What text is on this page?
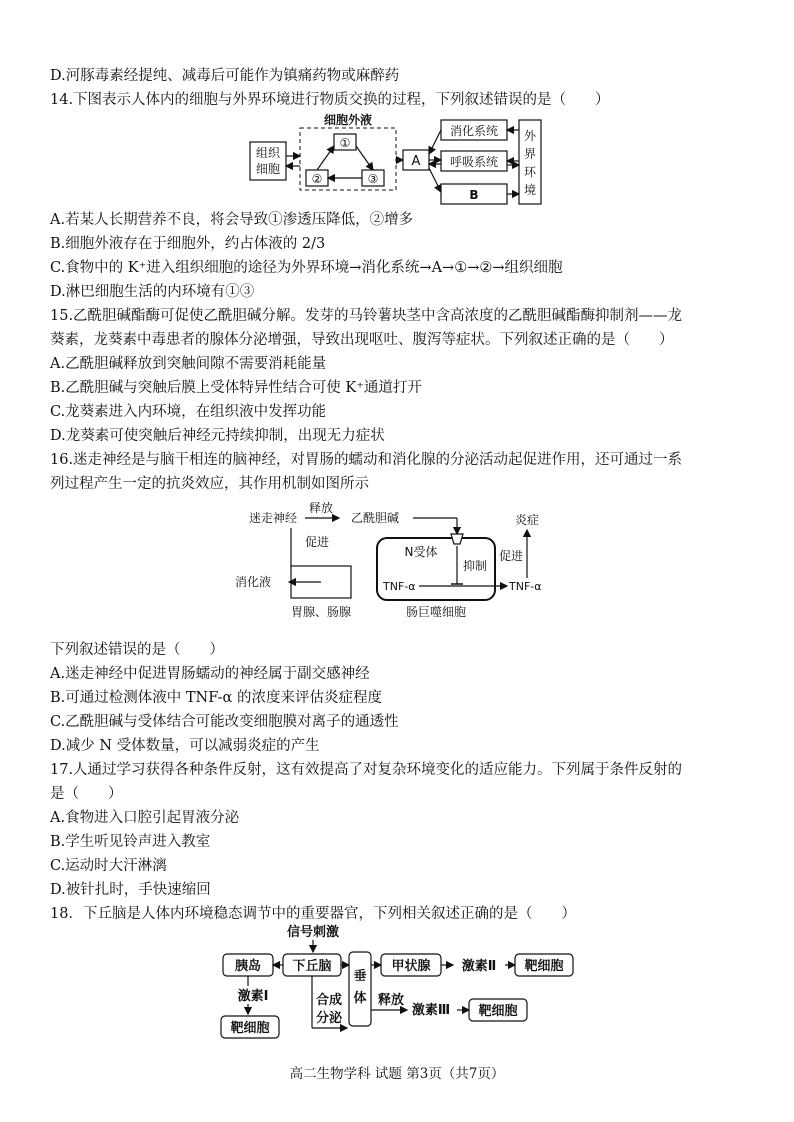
D.河豚毒素经提纯、减毒后可能作为镇痛药物或麻醉药
14.下图表示人体内的细胞与外界环境进行物质交换的过程，下列叙述错误的是（　　）
组织
细胞
细胞外液
①
②	③
A
消化系统
呼吸系统
B
外
界
环
境
A.若某人长期营养不良，将会导致①渗透压降低，②增多
B.细胞外液存在于细胞外，约占体液的 2/3
C.食物中的 K⁺进入组织细胞的途径为外界环境→消化系统→A→①→②→组织细胞
D.淋巴细胞生活的内环境有①③
15.乙酰胆碱酯酶可促使乙酰胆碱分解。发芽的马铃薯块茎中含高浓度的乙酰胆碱酯酶抑制剂——龙
葵素，龙葵素中毒患者的腺体分泌增强，导致出现呕吐、腹泻等症状。下列叙述正确的是（　　）
A.乙酰胆碱释放到突触间隙不需要消耗能量
B.乙酰胆碱与突触后膜上受体特异性结合可使 K⁺通道打开
C.龙葵素进入内环境，在组织液中发挥功能
D.龙葵素可使突触后神经元持续抑制，出现无力症状
16.迷走神经是与脑干相连的脑神经，对胃肠的蠕动和消化腺的分泌活动起促进作用，还可通过一系
列过程产生一定的抗炎效应，其作用机制如图所示
迷走神经
释放
乙酰胆碱
促进
消化液
胃腺、肠腺
N受体
抑制
TNF-α	TNF-α
炎症
促进
肠巨噬细胞
下列叙述错误的是（　　）
A.迷走神经中促进胃肠蠕动的神经属于副交感神经
B.可通过检测体液中 TNF-α 的浓度来评估炎症程度
C.乙酰胆碱与受体结合可能改变细胞膜对离子的通透性
D.减少 N 受体数量，可以减弱炎症的产生
17.人通过学习获得各种条件反射，这有效提高了对复杂环境变化的适应能力。下列属于条件反射的
是（　　）
A.食物进入口腔引起胃液分泌
B.学生听见铃声进入教室
C.运动时大汗淋漓
D.被针扎时，手快速缩回
18．下丘脑是人体内环境稳态调节中的重要器官，下列相关叙述正确的是（　　）
信号刺激
胰岛 下丘脑
垂
体
甲状腺 激素Ⅱ 靶细胞
激素Ⅰ
靶细胞
合成
分泌
释放
激素Ⅲ 靶细胞
高二生物学科 试题 第3页（共7页）
